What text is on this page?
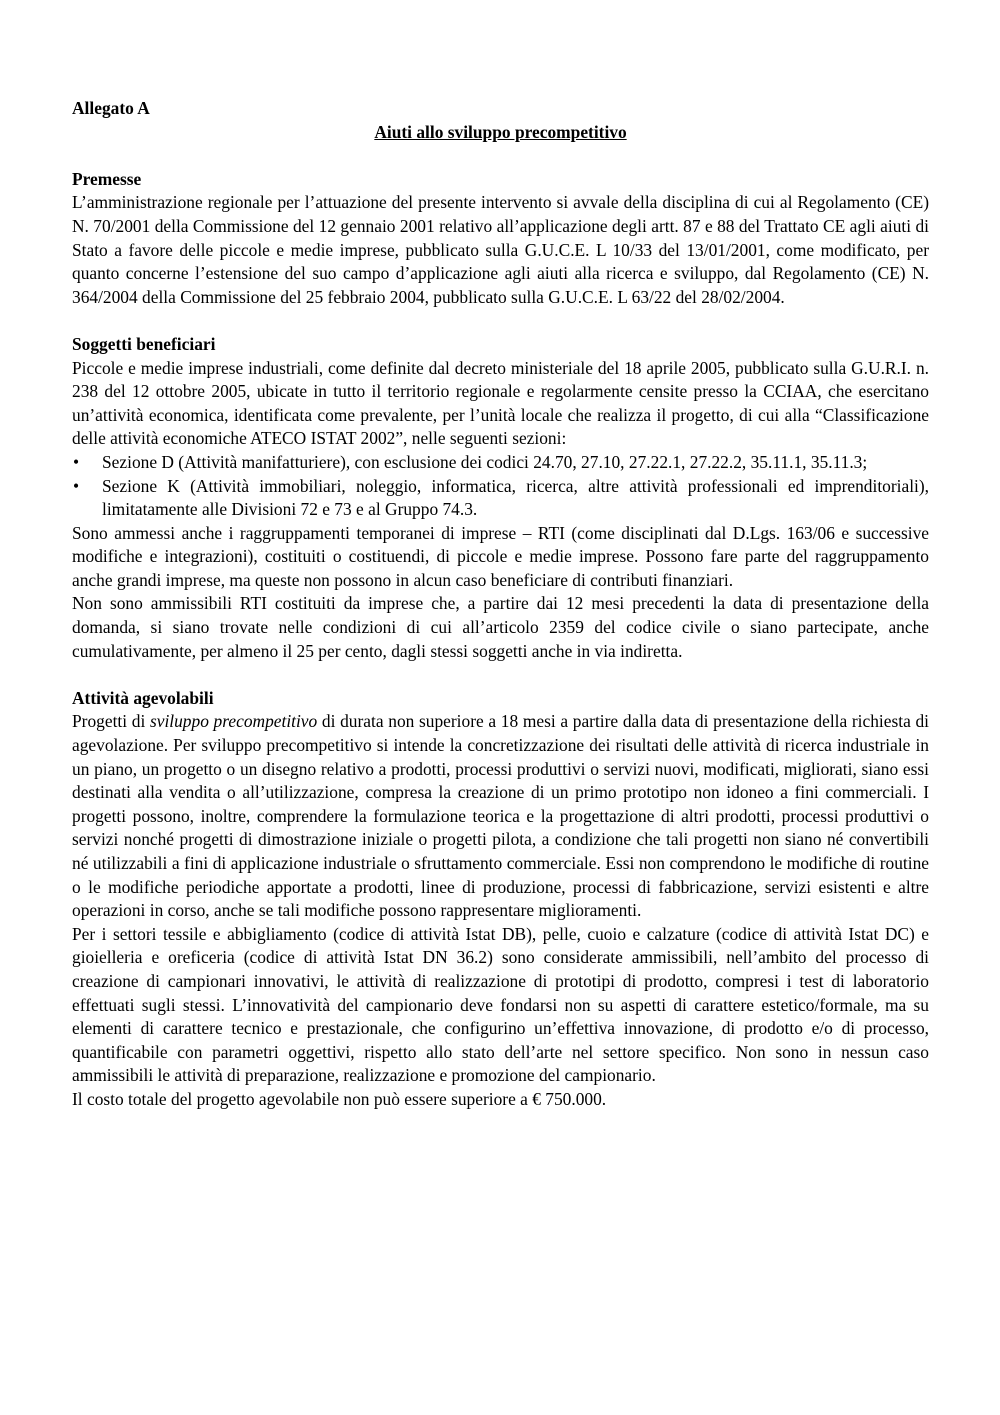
Allegato A
Aiuti allo sviluppo precompetitivo
Premesse

L’amministrazione regionale per l’attuazione del presente intervento si avvale della disciplina di cui al Regolamento (CE) N. 70/2001 della Commissione del 12 gennaio 2001 relativo all’applicazione degli artt. 87 e 88 del Trattato CE agli aiuti di Stato a favore delle piccole e medie imprese, pubblicato sulla G.U.C.E. L 10/33 del 13/01/2001, come modificato, per quanto concerne l’estensione del suo campo d’applicazione agli aiuti alla ricerca e sviluppo, dal Regolamento (CE) N. 364/2004 della Commissione del 25 febbraio 2004, pubblicato sulla G.U.C.E. L 63/22 del 28/02/2004.

Soggetti beneficiari

Piccole e medie imprese industriali, come definite dal decreto ministeriale del 18 aprile 2005, pubblicato sulla G.U.R.I. n. 238 del 12 ottobre 2005, ubicate in tutto il territorio regionale e regolarmente censite presso la CCIAA, che esercitano un’attività economica, identificata come prevalente, per l’unità locale che realizza il progetto, di cui alla “Classificazione delle attività economiche ATECO ISTAT 2002”, nelle seguenti sezioni:

• Sezione D (Attività manifatturiere), con esclusione dei codici 24.70, 27.10, 27.22.1, 27.22.2, 35.11.1, 35.11.3;
• Sezione K (Attività immobiliari, noleggio, informatica, ricerca, altre attività professionali ed imprenditoriali), limitatamente alle Divisioni 72 e 73 e al Gruppo 74.3.

Sono ammessi anche i raggruppamenti temporanei di imprese – RTI (come disciplinati dal D.Lgs. 163/06 e successive modifiche e integrazioni), costituiti o costituendi, di piccole e medie imprese. Possono fare parte del raggruppamento anche grandi imprese, ma queste non possono in alcun caso beneficiare di contributi finanziari.

Non sono ammissibili RTI costituiti da imprese che, a partire dai 12 mesi precedenti la data di presentazione della domanda, si siano trovate nelle condizioni di cui all’articolo 2359 del codice civile o siano partecipate, anche cumulativamente, per almeno il 25 per cento, dagli stessi soggetti anche in via indiretta.

Attività agevolabili

Progetti di sviluppo precompetitivo di durata non superiore a 18 mesi a partire dalla data di presentazione della richiesta di agevolazione. Per sviluppo precompetitivo si intende la concretizzazione dei risultati delle attività di ricerca industriale in un piano, un progetto o un disegno relativo a prodotti, processi produttivi o servizi nuovi, modificati, migliorati, siano essi destinati alla vendita o all’utilizzazione, compresa la creazione di un primo prototipo non idoneo a fini commerciali. I progetti possono, inoltre, comprendere la formulazione teorica e la progettazione di altri prodotti, processi produttivi o servizi nonché progetti di dimostrazione iniziale o progetti pilota, a condizione che tali progetti non siano né convertibili né utilizzabili a fini di applicazione industriale o sfruttamento commerciale. Essi non comprendono le modifiche di routine o le modifiche periodiche apportate a prodotti, linee di produzione, processi di fabbricazione, servizi esistenti e altre operazioni in corso, anche se tali modifiche possono rappresentare miglioramenti.

Per i settori tessile e abbigliamento (codice di attività Istat DB), pelle, cuoio e calzature (codice di attività Istat DC) e gioielleria e oreficeria (codice di attività Istat DN 36.2) sono considerate ammissibili, nell’ambito del processo di creazione di campionari innovativi, le attività di realizzazione di prototipi di prodotto, compresi i test di laboratorio effettuati sugli stessi. L’innovatività del campionario deve fondarsi non su aspetti di carattere estetico/formale, ma su elementi di carattere tecnico e prestazionale, che configurino un’effettiva innovazione, di prodotto e/o di processo, quantificabile con parametri oggettivi, rispetto allo stato dell’arte nel settore specifico. Non sono in nessun caso ammissibili le attività di preparazione, realizzazione e promozione del campionario.

Il costo totale del progetto agevolabile non può essere superiore a € 750.000.
